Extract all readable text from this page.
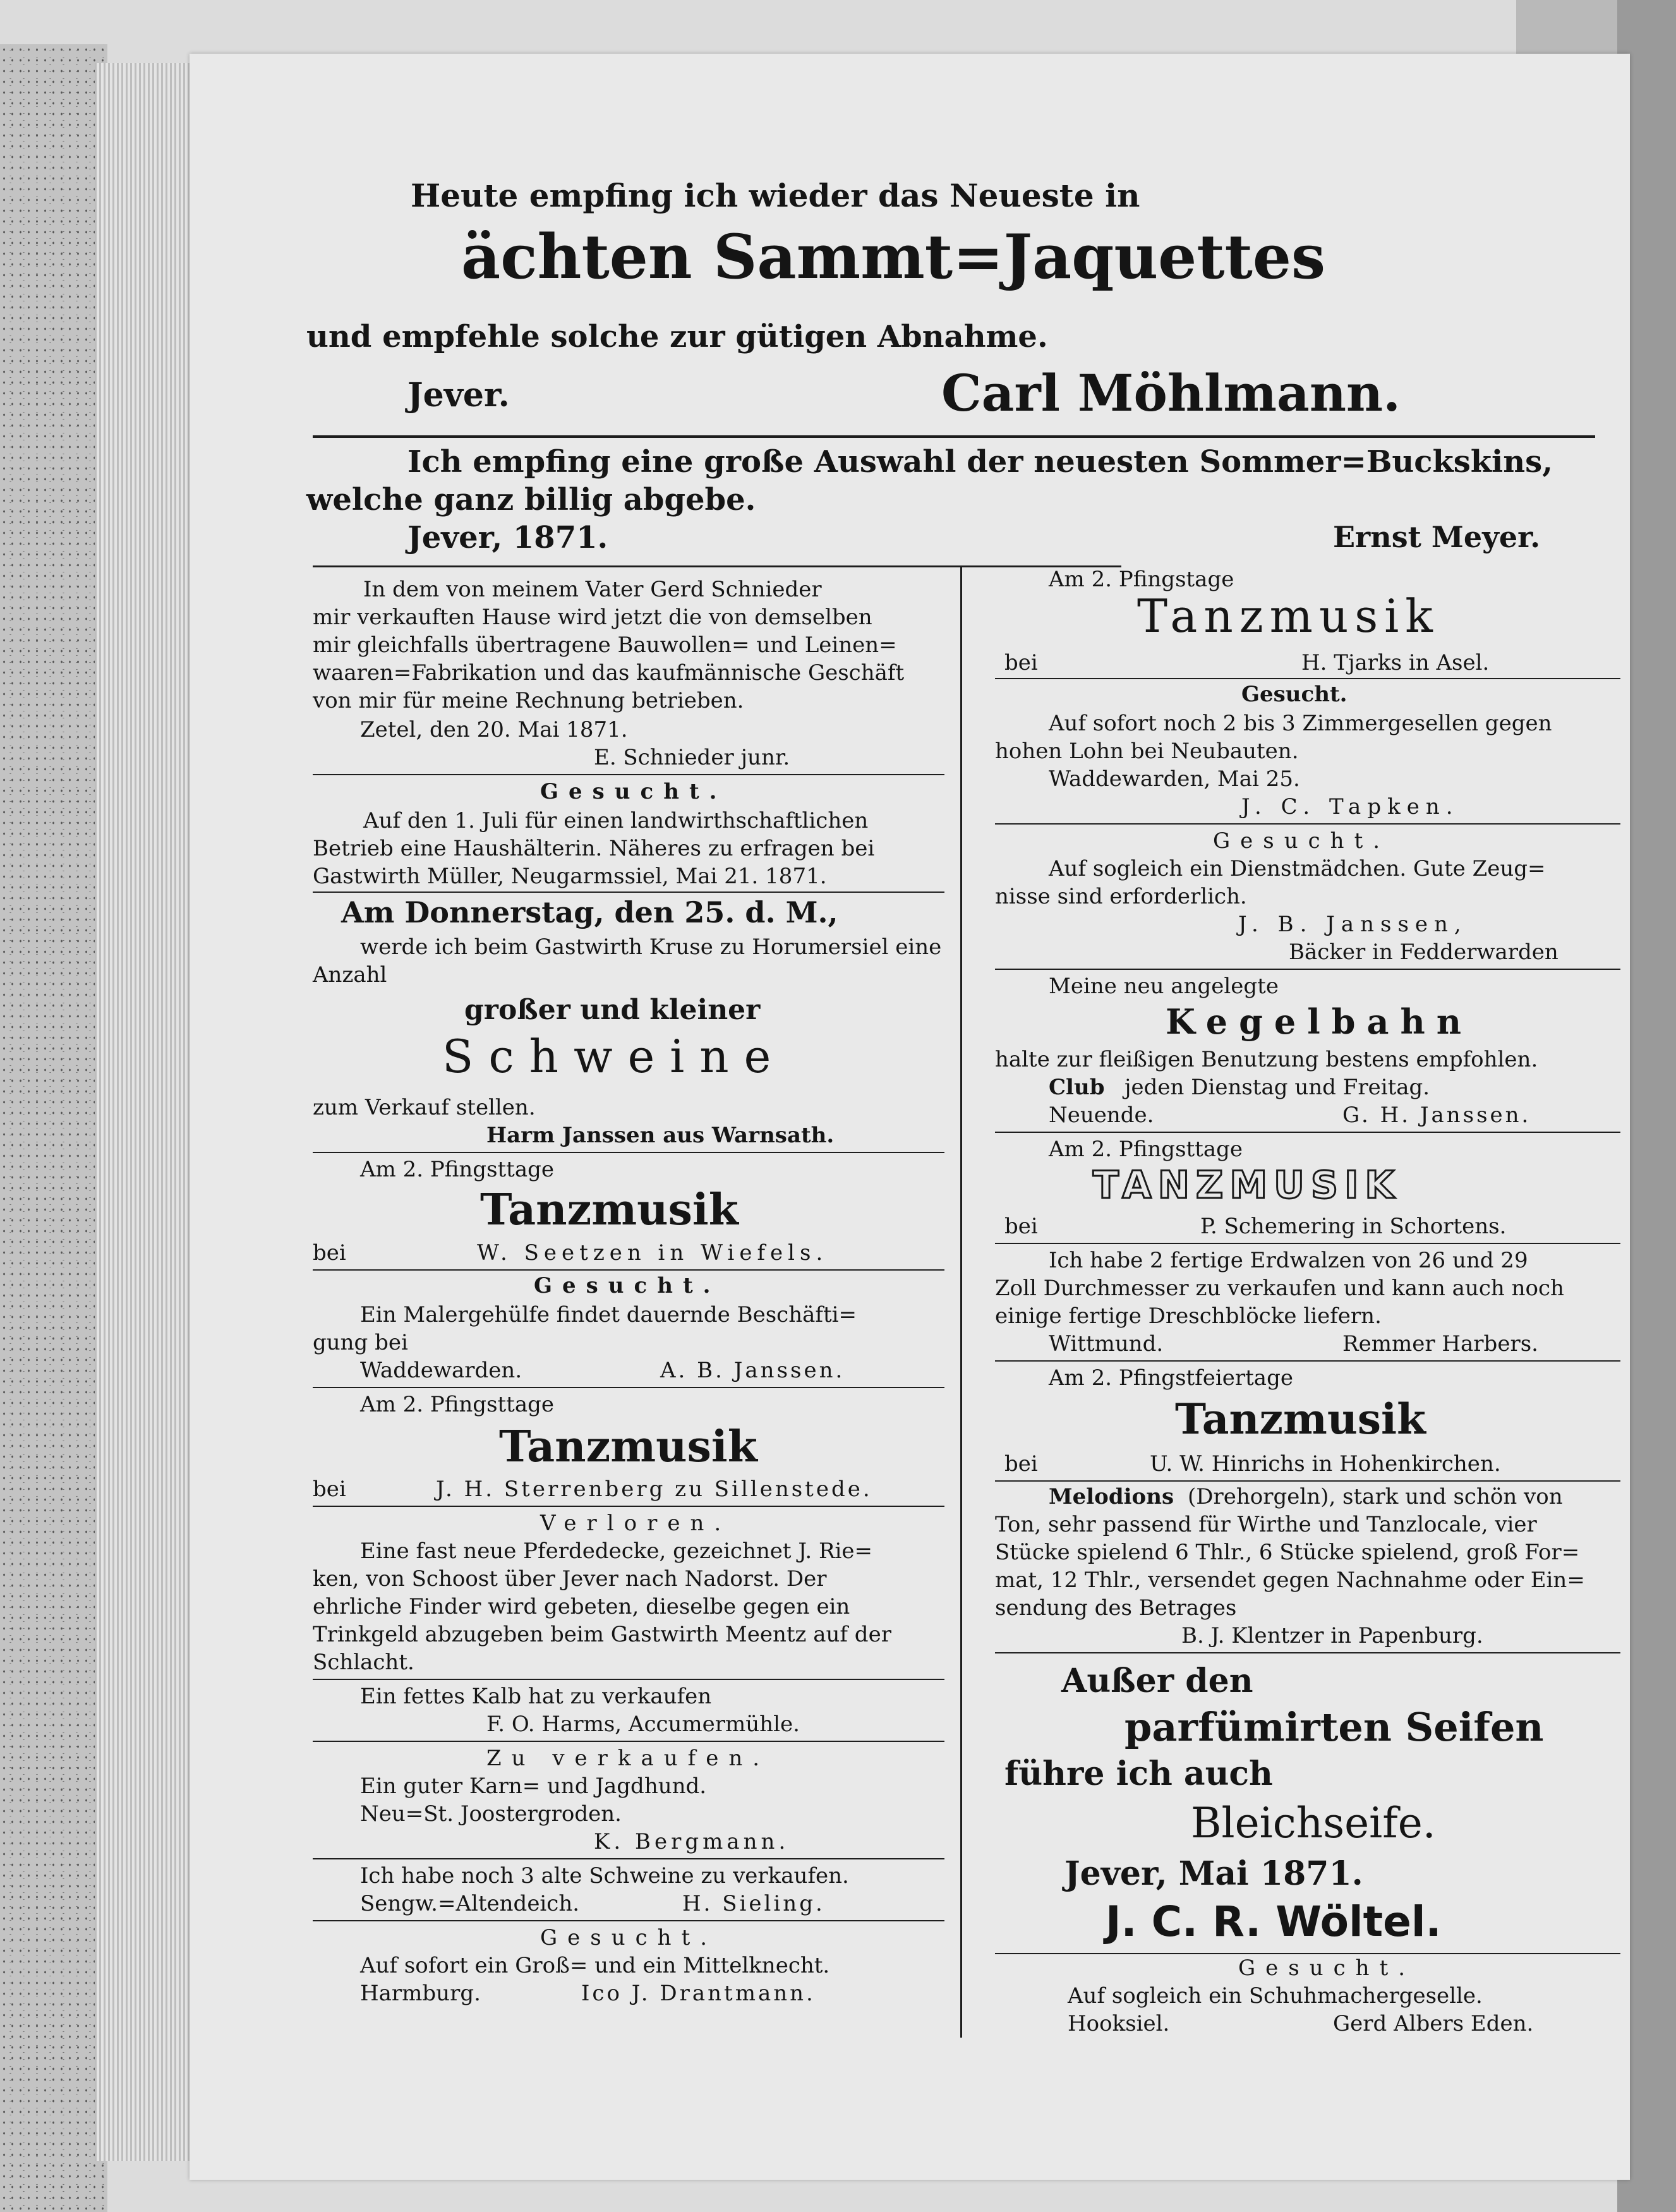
Heute empfing ich wieder das Neueste in
ächten Sammt=Jaquettes
und empfehle solche zur gütigen Abnahme.
Jever.	Carl Möhlmann.
Ich empfing eine große Auswahl der neuesten Sommer=Buckskins,
welche ganz billig abgebe.
Jever, 1871.	Ernst Meyer.
In dem von meinem Vater Gerd Schnieder
mir verkauften Hause wird jetzt die von demselben
mir gleichfalls übertragene Bauwollen= und Leinen=
waaren=Fabrikation und das kaufmännische Geschäft
von mir für meine Rechnung betrieben.
Zetel, den 20. Mai 1871.
E. Schnieder junr.
Gesucht.
Auf den 1. Juli für einen landwirthschaftlichen
Betrieb eine Haushälterin. Näheres zu erfragen bei
Gastwirth Müller, Neugarmssiel, Mai 21. 1871.
Am Donnerstag, den 25. d. M.,
werde ich beim Gastwirth Kruse zu Horumersiel eine
Anzahl
großer und kleiner
Schweine
zum Verkauf stellen.
Harm Janssen aus Warnsath.
Am 2. Pfingsttage
Tanzmusik
bei	W. Seetzen in Wiefels.
Gesucht.
Ein Malergehülfe findet dauernde Beschäfti=
gung bei
Waddewarden.	A. B. Janssen.
Am 2. Pfingsttage
Tanzmusik
bei	J. H. Sterrenberg zu Sillenstede.
Verloren.
Eine fast neue Pferdedecke, gezeichnet J. Rie=
ken, von Schoost über Jever nach Nadorst. Der
ehrliche Finder wird gebeten, dieselbe gegen ein
Trinkgeld abzugeben beim Gastwirth Meentz auf der
Schlacht.
Ein fettes Kalb hat zu verkaufen
F. O. Harms, Accumermühle.
Zu verkaufen.
Ein guter Karn= und Jagdhund.
Neu=St. Joostergroden.
K. Bergmann.
Ich habe noch 3 alte Schweine zu verkaufen.
Sengw.=Altendeich.	H. Sieling.
Gesucht.
Auf sofort ein Groß= und ein Mittelknecht.
Harmburg.	Ico J. Drantmann.
Am 2. Pfingstage
Tanzmusik
bei	H. Tjarks in Asel.
Gesucht.
Auf sofort noch 2 bis 3 Zimmergesellen gegen
hohen Lohn bei Neubauten.
Waddewarden, Mai 25.
J. C. Tapken.
Gesucht.
Auf sogleich ein Dienstmädchen. Gute Zeug=
nisse sind erforderlich.
J. B. Janssen,
Bäcker in Fedderwarden
Meine neu angelegte
Kegelbahn
halte zur fleißigen Benutzung bestens empfohlen.
Club jeden Dienstag und Freitag.
Neuende.	G. H. Janssen.
Am 2. Pfingsttage
TANZMUSIK
bei	P. Schemering in Schortens.
Ich habe 2 fertige Erdwalzen von 26 und 29
Zoll Durchmesser zu verkaufen und kann auch noch
einige fertige Dreschblöcke liefern.
Wittmund.	Remmer Harbers.
Am 2. Pfingstfeiertage
Tanzmusik
bei	U. W. Hinrichs in Hohenkirchen.
Melodions (Drehorgeln), stark und schön von
Ton, sehr passend für Wirthe und Tanzlocale, vier
Stücke spielend 6 Thlr., 6 Stücke spielend, groß For=
mat, 12 Thlr., versendet gegen Nachnahme oder Ein=
sendung des Betrages
B. J. Klentzer in Papenburg.
Außer den
parfümirten Seifen
führe ich auch
Bleichseife.
Jever, Mai 1871.
J. C. R. Wöltel.
Gesucht.
Auf sogleich ein Schuhmachergeselle.
Hooksiel.	Gerd Albers Eden.
